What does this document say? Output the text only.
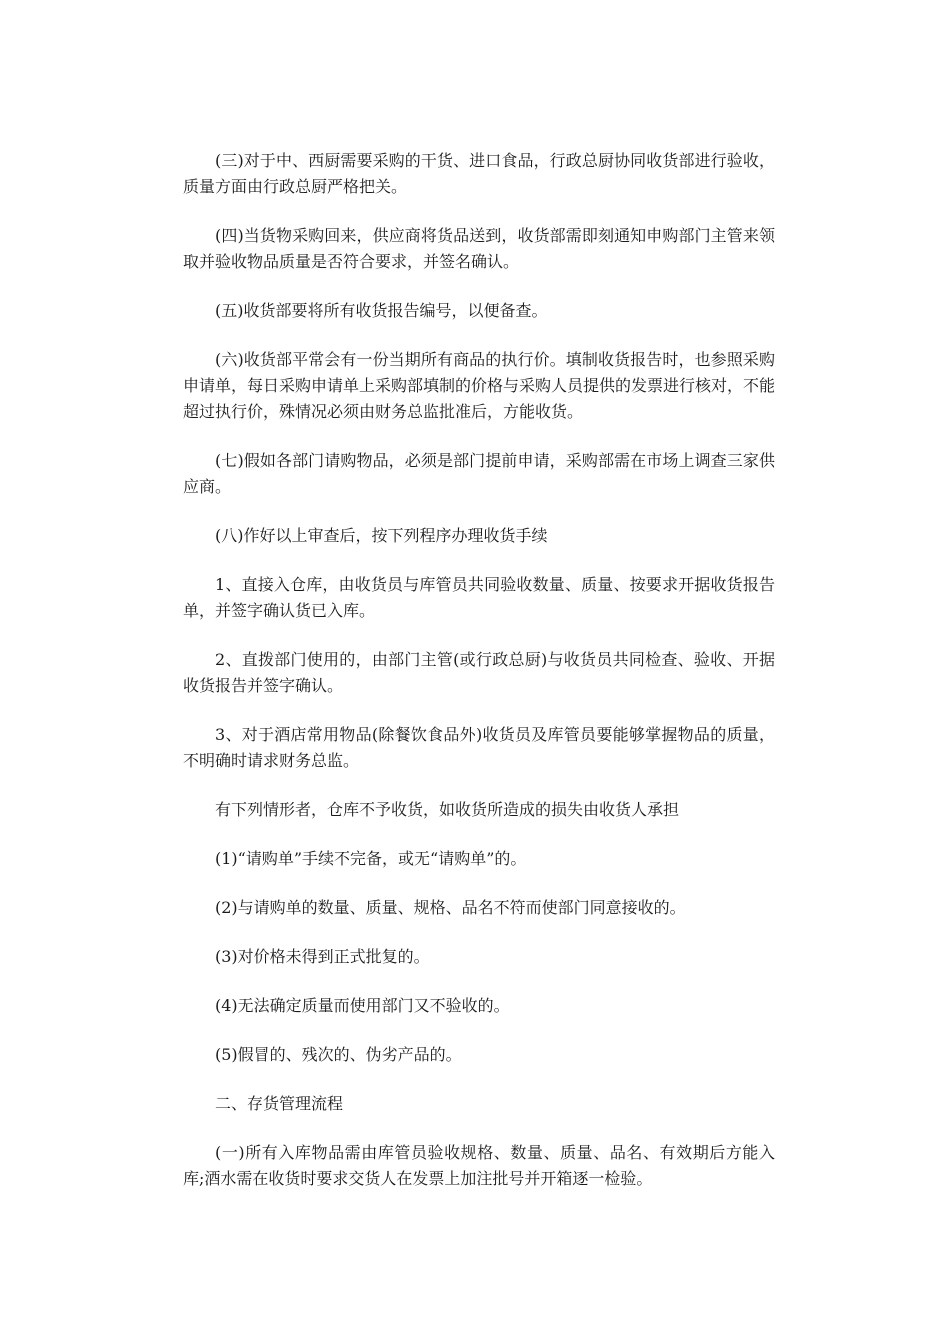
(三)对于中、西厨需要采购的干货、进口食品，行政总厨协同收货部进行验收，质量方面由行政总厨严格把关。

(四)当货物采购回来，供应商将货品送到，收货部需即刻通知申购部门主管来领取并验收物品质量是否符合要求，并签名确认。

(五)收货部要将所有收货报告编号，以便备查。

(六)收货部平常会有一份当期所有商品的执行价。填制收货报告时，也参照采购申请单，每日采购申请单上采购部填制的价格与采购人员提供的发票进行核对，不能超过执行价，殊情况必须由财务总监批准后，方能收货。

(七)假如各部门请购物品，必须是部门提前申请，采购部需在市场上调查三家供应商。

(八)作好以上审查后，按下列程序办理收货手续

1、直接入仓库，由收货员与库管员共同验收数量、质量、按要求开据收货报告单，并签字确认货已入库。

2、直拨部门使用的，由部门主管(或行政总厨)与收货员共同检查、验收、开据收货报告并签字确认。

3、对于酒店常用物品(除餐饮食品外)收货员及库管员要能够掌握物品的质量，不明确时请求财务总监。

有下列情形者，仓库不予收货，如收货所造成的损失由收货人承担

(1)“请购单”手续不完备，或无“请购单”的。

(2)与请购单的数量、质量、规格、品名不符而使部门同意接收的。

(3)对价格未得到正式批复的。

(4)无法确定质量而使用部门又不验收的。

(5)假冒的、残次的、伪劣产品的。

二、存货管理流程

(一)所有入库物品需由库管员验收规格、数量、质量、品名、有效期后方能入库;酒水需在收货时要求交货人在发票上加注批号并开箱逐一检验。
